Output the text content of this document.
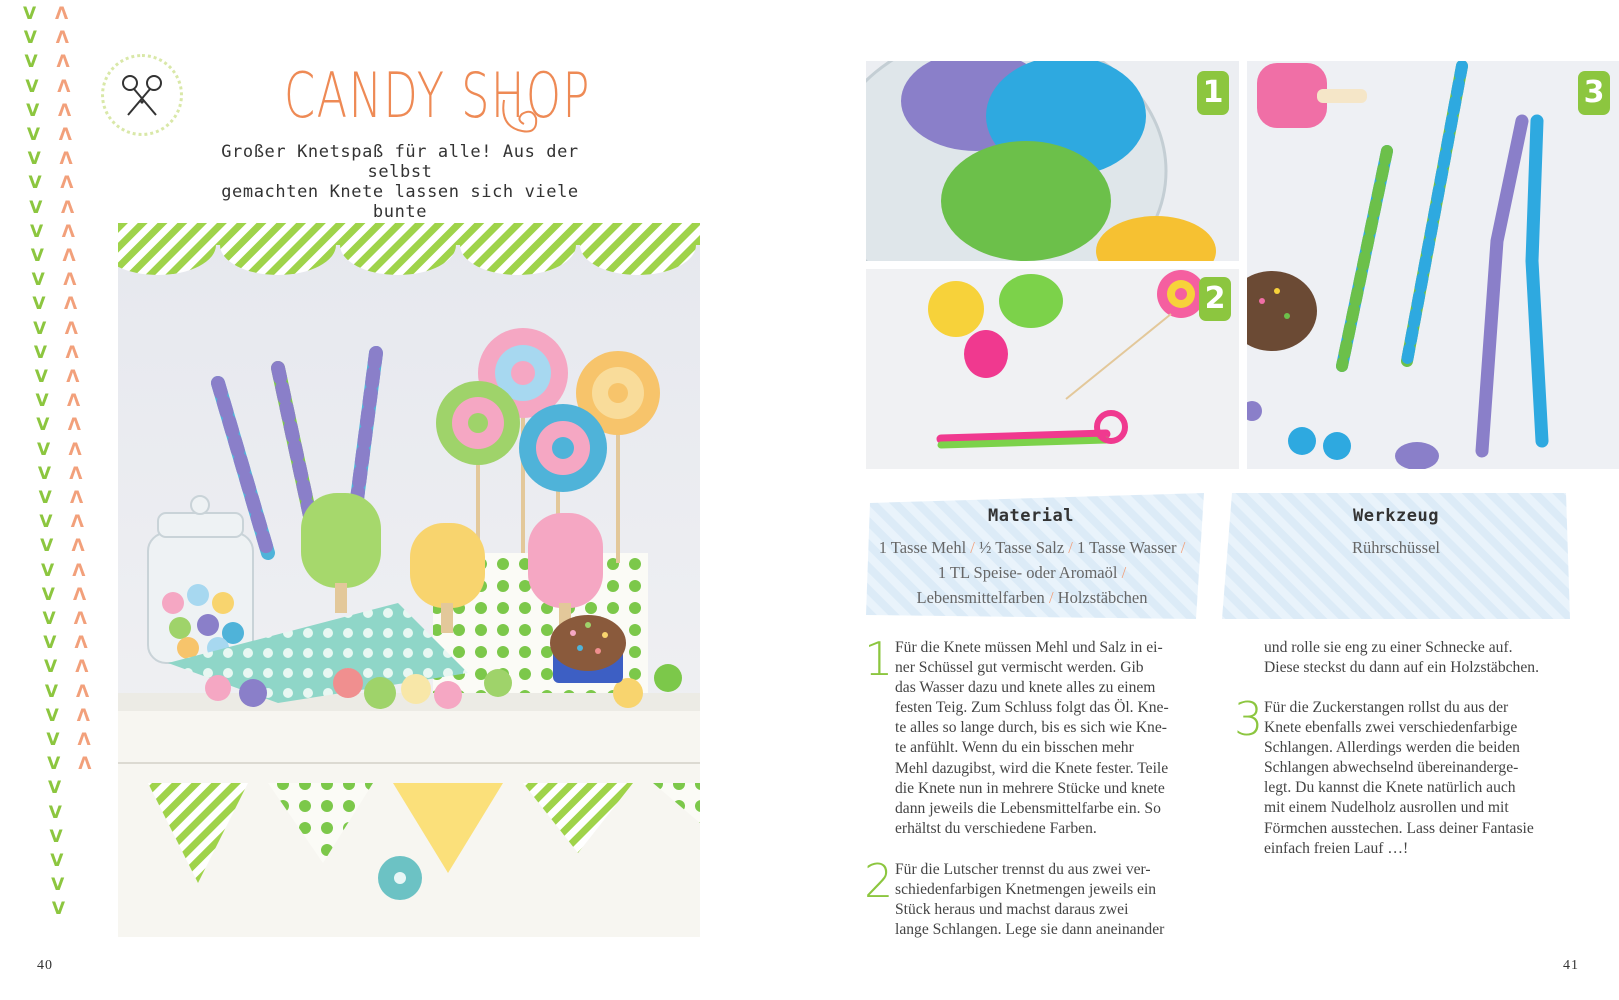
V
V
V
V
V
V
V
V
V
V
V
V
V
V
V
V
V
V
V
V
V
V
V
V
V
V
V
V
V
V
V
V
V
V
V
V
V
V
Λ
Λ
Λ
Λ
Λ
Λ
Λ
Λ
Λ
Λ
Λ
Λ
Λ
Λ
Λ
Λ
Λ
Λ
Λ
Λ
Λ
Λ
Λ
Λ
Λ
Λ
Λ
Λ
Λ
Λ
Λ
Λ
CANDY SHOP
Großer Knetspaß für alle! Aus der selbst
gemachten Knete lassen sich viele bunte
1
2
3
Material
1 Tasse Mehl / ½ Tasse Salz / 1 Tasse Wasser / 1 TL Speise- oder Aromaöl / Lebensmittelfarben / Holzstäbchen
Werkzeug
Rührschüssel
1 Für die Knete müssen Mehl und Salz in ei-
ner Schüssel gut vermischt werden. Gib
das Wasser dazu und knete alles zu einem
festen Teig. Zum Schluss folgt das Öl. Kne-
te alles so lange durch, bis es sich wie Kne-
te anfühlt. Wenn du ein bisschen mehr
Mehl dazugibst, wird die Knete fester. Teile
die Knete nun in mehrere Stücke und knete
dann jeweils die Lebensmittelfarbe ein. So
erhältst du verschiedene Farben.
2 Für die Lutscher trennst du aus zwei ver-
schiedenfarbigen Knetmengen jeweils ein
Stück heraus und machst daraus zwei
lange Schlangen. Lege sie dann aneinander
und rolle sie eng zu einer Schnecke auf.
Diese steckst du dann auf ein Holzstäbchen.
3 Für die Zuckerstangen rollst du aus der
Knete ebenfalls zwei verschiedenfarbige
Schlangen. Allerdings werden die beiden
Schlangen abwechselnd übereinanderge-
legt. Du kannst die Knete natürlich auch
mit einem Nudelholz ausrollen und mit
Förmchen ausstechen. Lass deiner Fantasie
einfach freien Lauf …!
40	41
